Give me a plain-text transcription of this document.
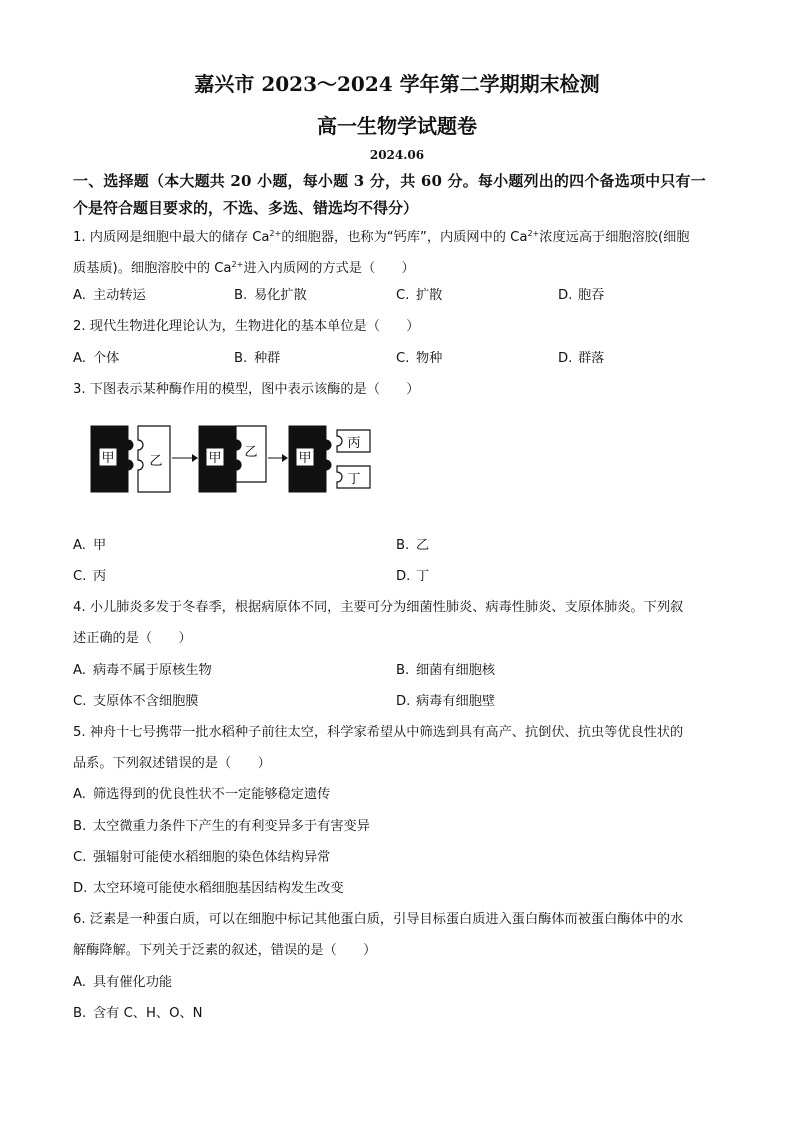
嘉兴市 2023～2024 学年第二学期期末检测
高一生物学试题卷
2024.06
一、选择题（本大题共 20 小题，每小题 3 分，共 60 分。每小题列出的四个备选项中只有一
个是符合题目要求的，不选、多选、错选均不得分）
1. 内质网是细胞中最大的储存 $Ca^{2+}$的细胞器，也称为“钙库”，内质网中的 $Ca^{2+}$浓度远高于细胞溶胶(细胞
质基质)。细胞溶胶中的 $Ca^{2+}$进入内质网的方式是（　　）
A. 主动转运	B. 易化扩散	C. 扩散	D. 胞吞
2. 现代生物进化理论认为，生物进化的基本单位是（　　）
A. 个体	B. 种群	C. 物种	D. 群落
3. 下图表示某种酶作用的模型，图中表示该酶的是（　　）
甲	乙	甲 乙	甲
丙
丁
A. 甲	B. 乙
C. 丙	D. 丁
4. 小儿肺炎多发于冬春季，根据病原体不同，主要可分为细菌性肺炎、病毒性肺炎、支原体肺炎。下列叙
述正确的是（　　）
A. 病毒不属于原核生物	B. 细菌有细胞核
C. 支原体不含细胞膜	D. 病毒有细胞壁
5. 神舟十七号携带一批水稻种子前往太空，科学家希望从中筛选到具有高产、抗倒伏、抗虫等优良性状的
品系。下列叙述错误的是（　　）
A. 筛选得到的优良性状不一定能够稳定遗传
B. 太空微重力条件下产生的有利变异多于有害变异
C. 强辐射可能使水稻细胞的染色体结构异常
D. 太空环境可能使水稻细胞基因结构发生改变
6. 泛素是一种蛋白质，可以在细胞中标记其他蛋白质，引导目标蛋白质进入蛋白酶体而被蛋白酶体中的水
解酶降解。下列关于泛素的叙述，错误的是（　　）
A. 具有催化功能
B. 含有 C、H、O、N
